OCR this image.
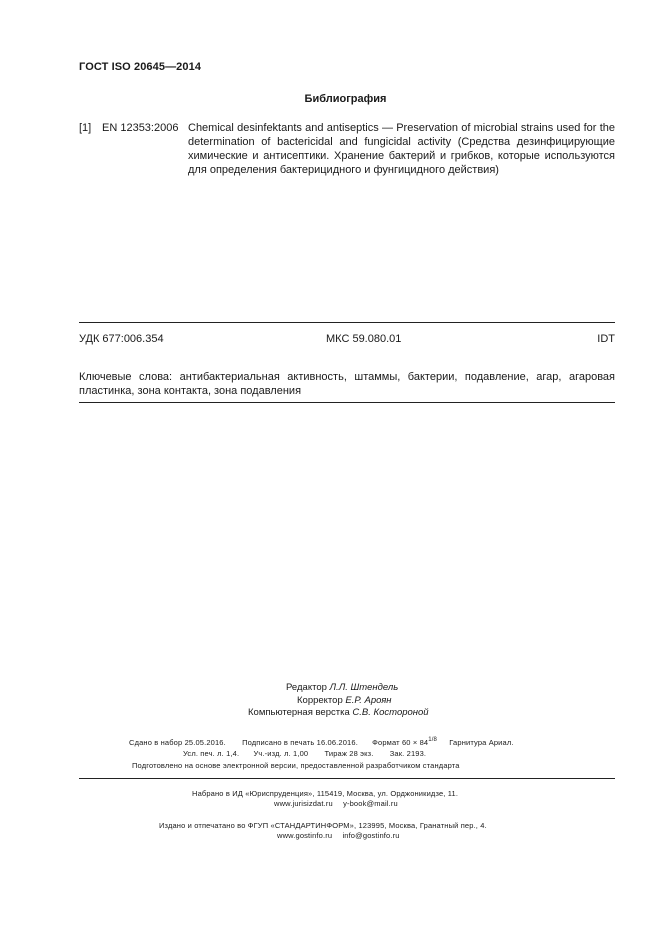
ГОСТ ISO 20645—2014
Библиография
[1] EN 12353:2006 Chemical desinfektants and antiseptics — Preservation of microbial strains used for the determination of bactericidal and fungicidal activity (Средства дезинфицирующие химические и антисептики. Хранение бактерий и грибков, которые используются для определения бактерицидного и фунгицидного действия)
УДК 677:006.354	МКС 59.080.01	IDT
Ключевые слова: антибактериальная активность, штаммы, бактерии, подавление, агар, агаровая пластинка, зона контакта, зона подавления
Редактор Л.Л. Штендель
Корректор Е.Р. Ароян
Компьютерная верстка С.В. Костороной
Сдано в набор 25.05.2016. Подписано в печать 16.06.2016. Формат $60 \times 84^{1/8}$ Гарнитура Ариал.
Усл. печ. л. 1,4. Уч.-изд. л. 1,00 Тираж 28 экз. Зак. 2193.
Подготовлено на основе электронной версии, предоставленной разработчиком стандарта
Набрано в ИД «Юриспруденция», 115419, Москва, ул. Орджоникидзе, 11.
www.jurisizdat.ru y-book@mail.ru
Издано и отпечатано во ФГУП «СТАНДАРТИНФОРМ», 123995, Москва, Гранатный пер., 4.
www.gostinfo.ru info@gostinfo.ru
